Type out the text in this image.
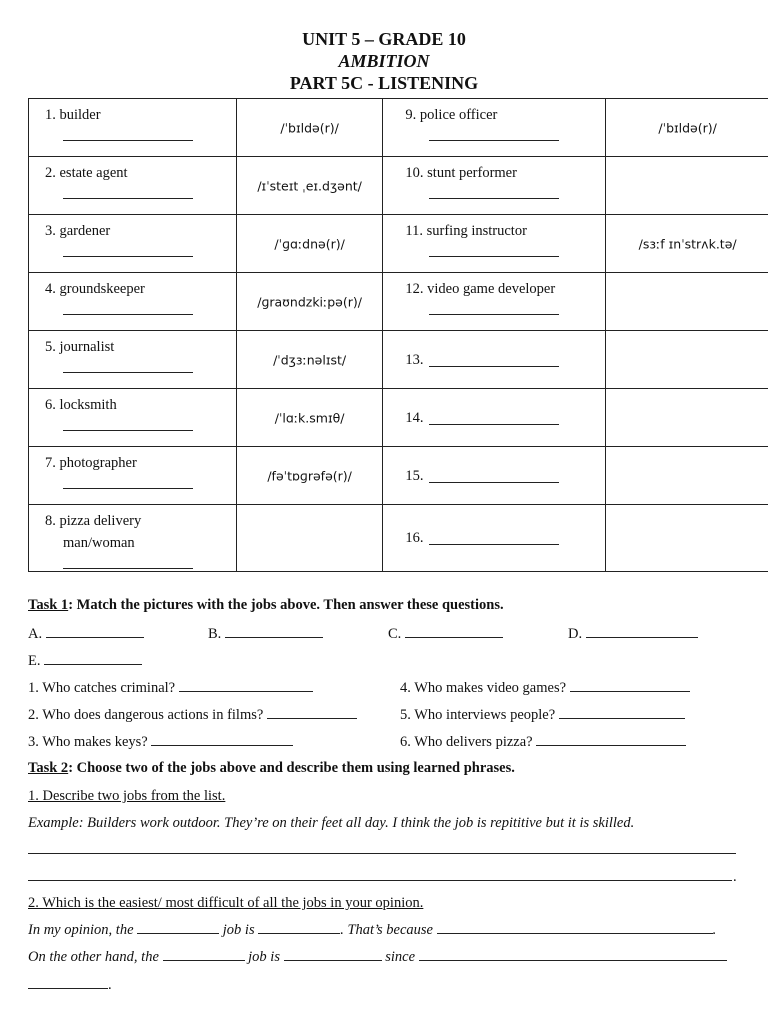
UNIT 5 – GRADE 10
AMBITION
PART 5C - LISTENING
1. builder	/ˈbɪldə(r)/	9. police officer	/ˈbɪldə(r)/

2. estate agent	/ɪˈsteɪt ˌeɪ.dʒənt/	10. stunt performer	

3. gardener	/ˈɡɑːdnə(r)/	11. surfing instructor	/sɜːf ɪnˈstrʌk.tə/

4. groundskeeper	/ɡraʊndzkiːpə(r)/	12. video game developer	

5. journalist	/ˈdʒɜːnəlɪst/	13.	

6. locksmith	/ˈlɑːk.smɪθ/	14.	

7. photographer	/fəˈtɒɡrəfə(r)/	15.	

8. pizza delivery
man/woman		16.	

Task 1: Match the pictures with the jobs above. Then answer these questions.
A.	B.	C.	D.
E.
1. Who catches criminal?
2. Who does dangerous actions in films?
3. Who makes keys?
4. Who makes video games?
5. Who interviews people?
6. Who delivers pizza?
Task 2: Choose two of the jobs above and describe them using learned phrases.
1. Describe two jobs from the list.
Example: Builders work outdoor. They’re on their feet all day. I think the job is repititive but it is skilled.
.
2. Which is the easiest/ most difficult of all the jobs in your opinion.
In my opinion, the	job is	. That’s because	.
On the other hand, the	job is	since
.
